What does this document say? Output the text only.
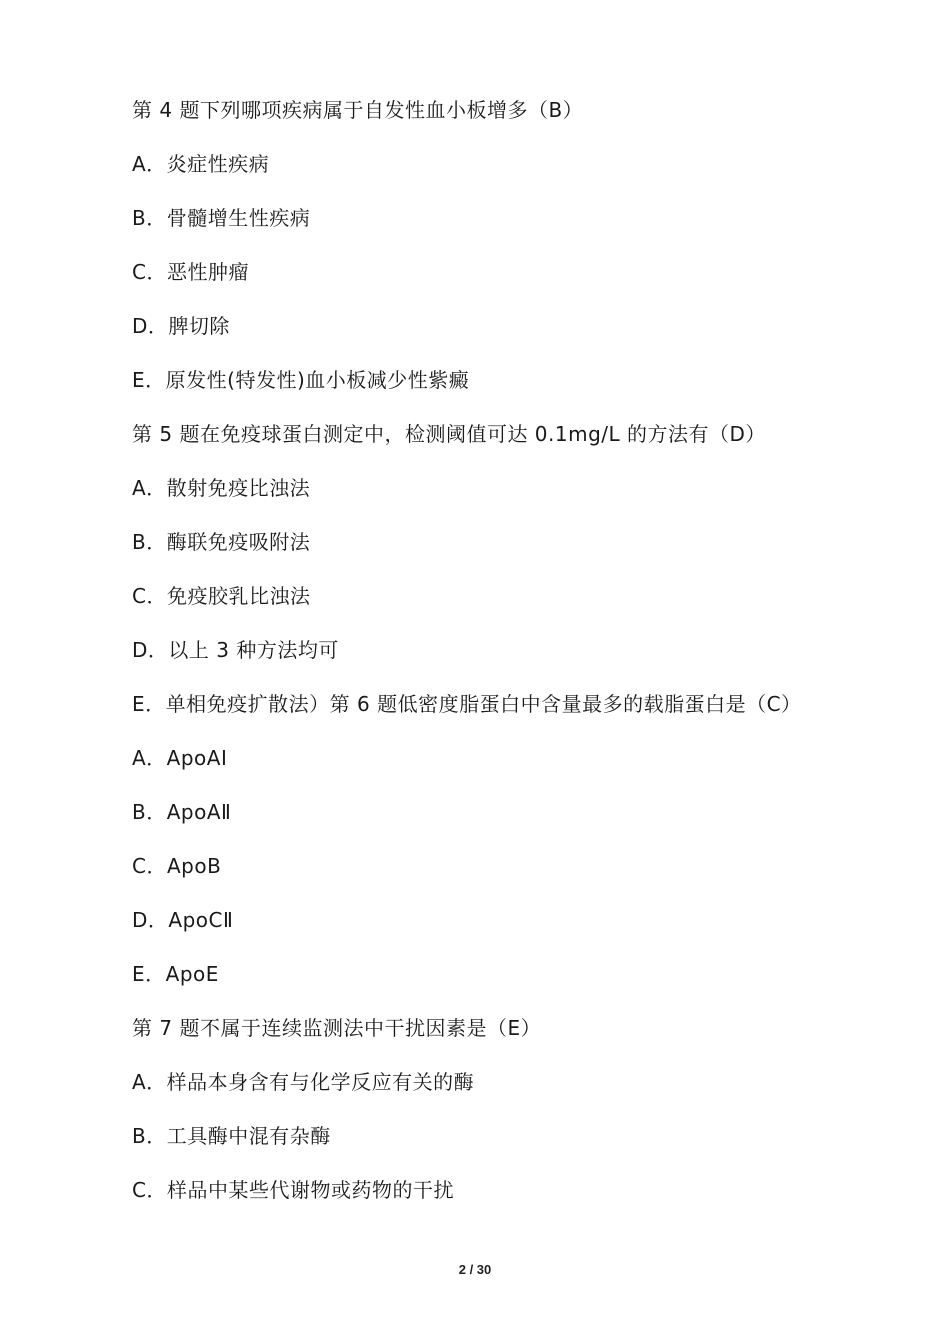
第 4 题下列哪项疾病属于自发性血小板增多（B）
A．炎症性疾病
B．骨髓增生性疾病
C．恶性肿瘤
D．脾切除
E．原发性(特发性)血小板减少性紫癜
第 5 题在免疫球蛋白测定中，检测阈值可达 0.1mg/L 的方法有（D）
A．散射免疫比浊法
B．酶联免疫吸附法
C．免疫胶乳比浊法
D．以上 3 种方法均可
E．单相免疫扩散法）第 6 题低密度脂蛋白中含量最多的载脂蛋白是（C）
A．ApoAⅠ
B．ApoAⅡ
C．ApoB
D．ApoCⅡ
E．ApoE
第 7 题不属于连续监测法中干扰因素是（E）
A．样品本身含有与化学反应有关的酶
B．工具酶中混有杂酶
C．样品中某些代谢物或药物的干扰
2 / 30
